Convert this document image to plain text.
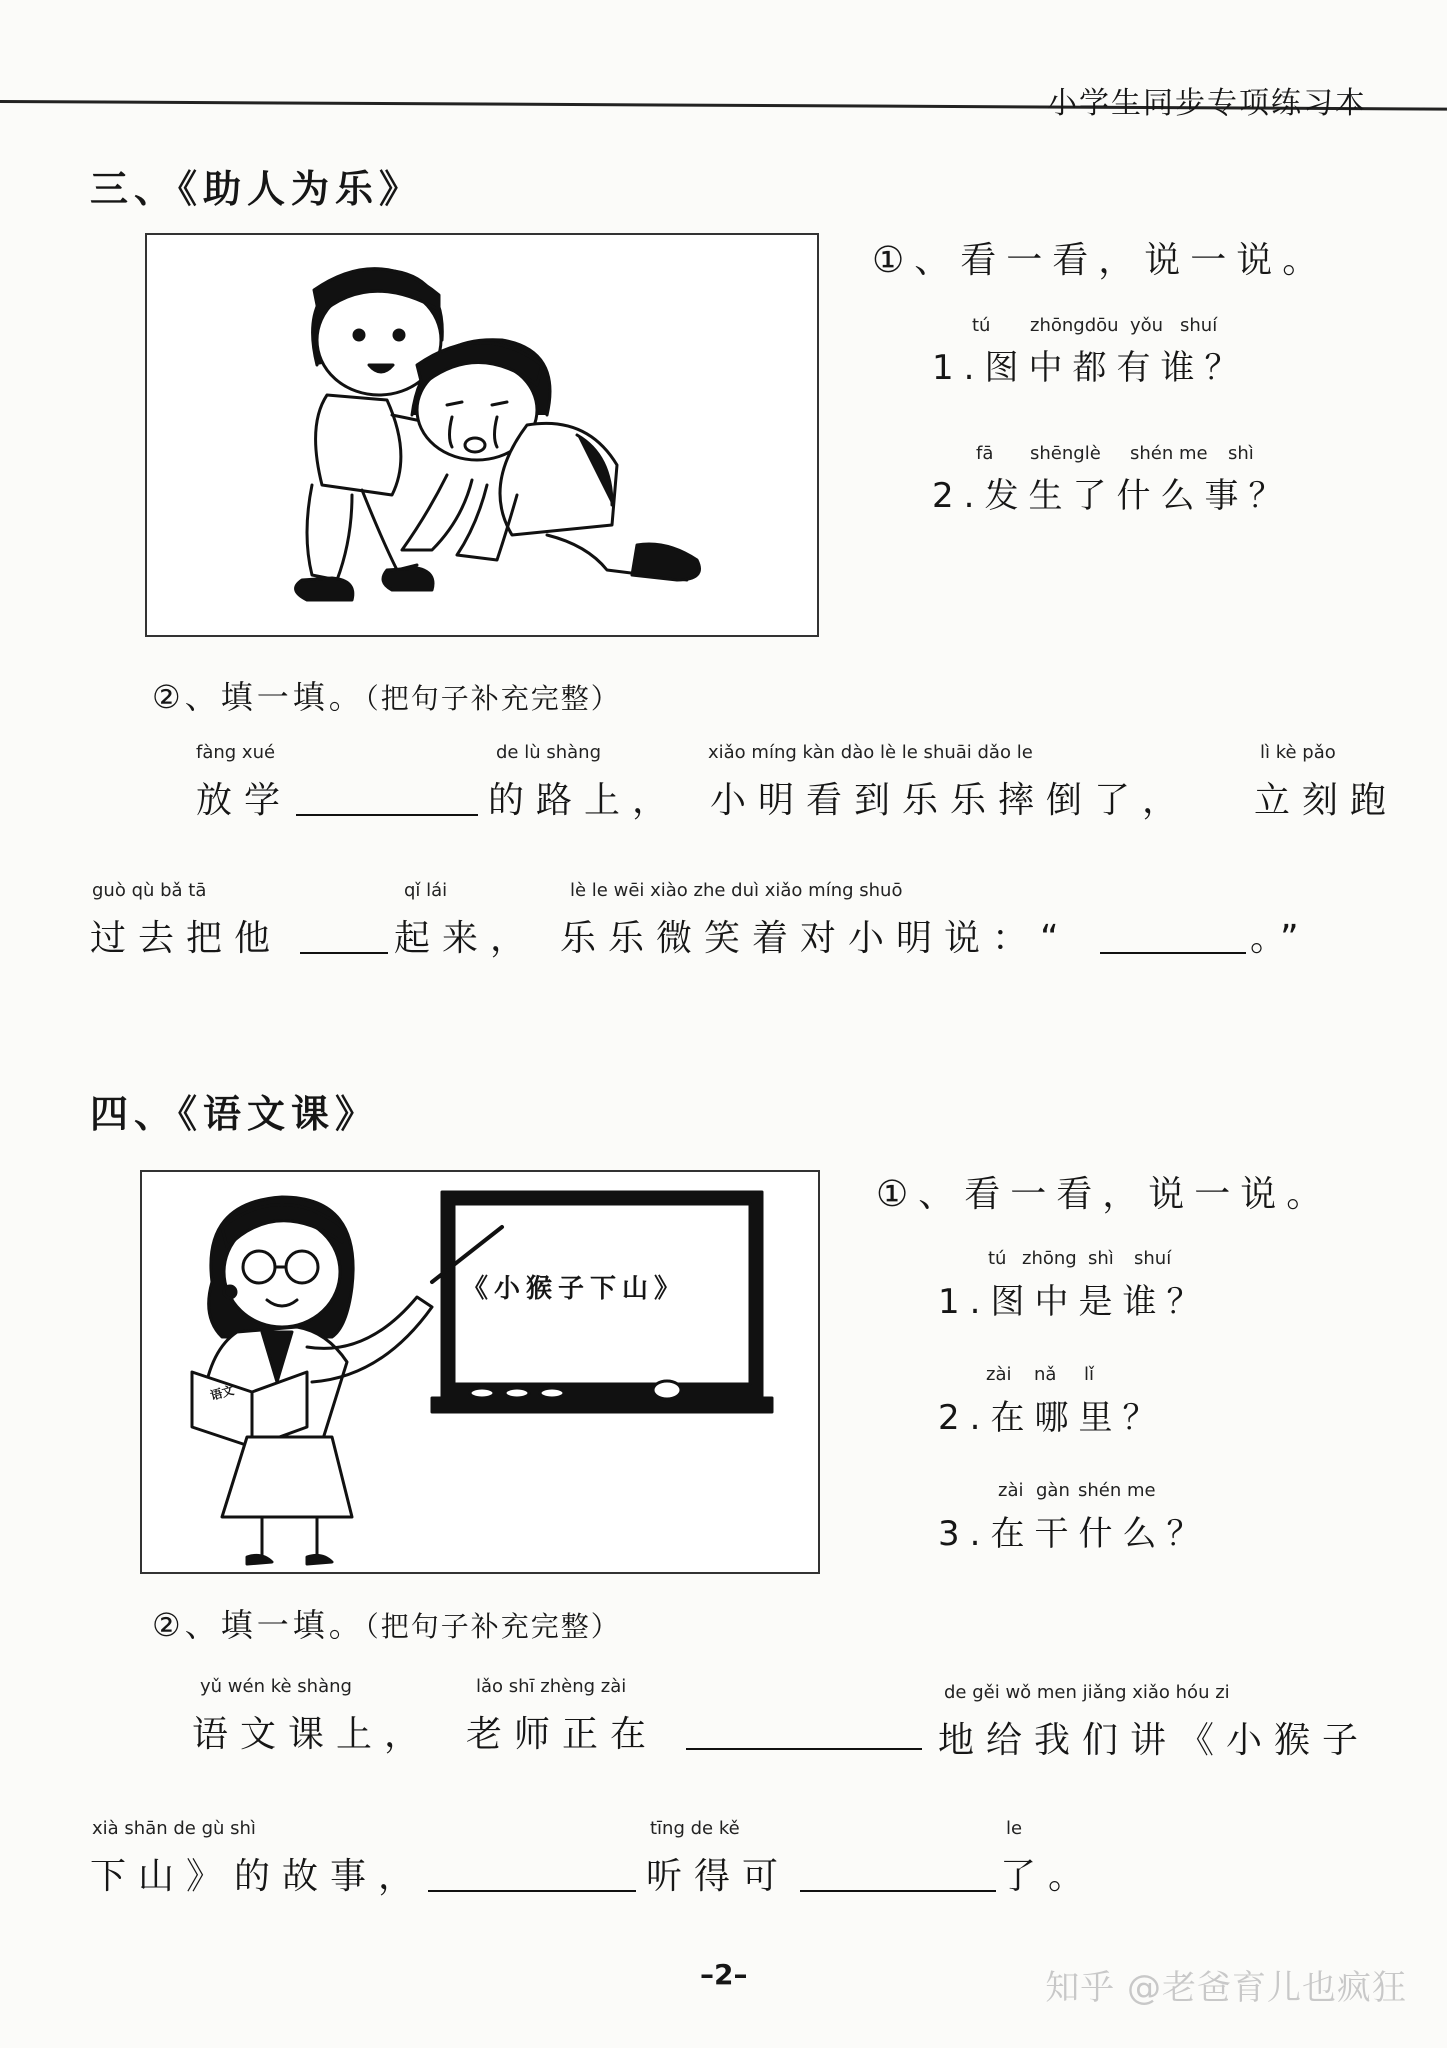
小学生同步专项练习本
三、《助人为乐》
①、看一看，说一说。
tú zhōngdōu yǒu shuí
1.图中都有谁？
fā shēnglè shén me shì
2.发生了什么事？
②、填一填。（把句子补充完整）
fàng xué
放学
de lù shàng
的路上，
xiǎo míng kàn dào lè le shuāi dǎo le
小明看到乐乐摔倒了，
lì kè pǎo
立刻跑
guò qù bǎ tā
过去把他
qǐ lái
起来，
lè le wēi xiào zhe duì xiǎo míng shuō
乐乐微笑着对小明说：“	。”
四、《语文课》
《小猴子下山》
语文
①、看一看，说一说。
tú zhōng shì shuí
1.图中是谁？
zài nǎ lǐ
2.在哪里？
zài gàn shén me
3.在干什么？
②、填一填。（把句子补充完整）
yǔ wén kè shàng
语文课上，
lǎo shī zhèng zài
老师正在
de gěi wǒ men jiǎng xiǎo hóu zi
地给我们讲《小猴子
xià shān de gù shì
下山》的故事，
tīng de kě
听得可
le
了。
–2–	知乎 @老爸育儿也疯狂
